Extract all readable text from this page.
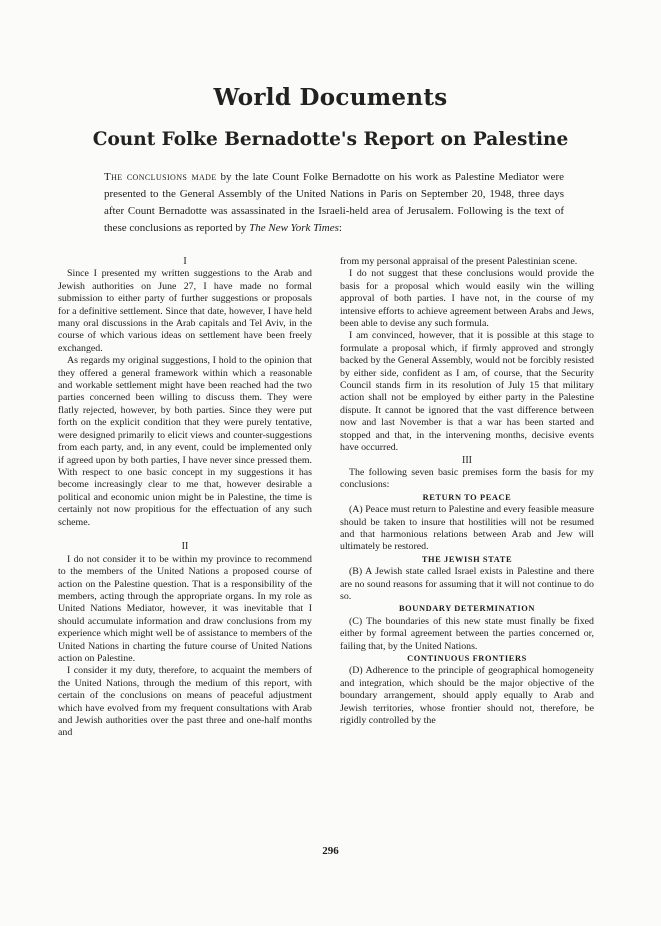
World Documents
Count Folke Bernadotte's Report on Palestine
The conclusions made by the late Count Folke Bernadotte on his work as Palestine Mediator were presented to the General Assembly of the United Nations in Paris on September 20, 1948, three days after Count Bernadotte was assassinated in the Israeli-held area of Jerusalem. Following is the text of these conclusions as reported by The New York Times:
I

Since I presented my written suggestions to the Arab and Jewish authorities on June 27, I have made no formal submission to either party of further suggestions or proposals for a definitive settlement. Since that date, however, I have held many oral discussions in the Arab capitals and Tel Aviv, in the course of which various ideas on settlement have been freely exchanged.

As regards my original suggestions, I hold to the opinion that they offered a general framework within which a reasonable and workable settlement might have been reached had the two parties concerned been willing to discuss them. They were flatly rejected, however, by both parties. Since they were put forth on the explicit condition that they were purely tentative, were designed primarily to elicit views and counter-suggestions from each party, and, in any event, could be implemented only if agreed upon by both parties, I have never since pressed them. With respect to one basic concept in my suggestions it has become increasingly clear to me that, however desirable a political and economic union might be in Palestine, the time is certainly not now propitious for the effectuation of any such scheme.

II

I do not consider it to be within my province to recommend to the members of the United Nations a proposed course of action on the Palestine question. That is a responsibility of the members, acting through the appropriate organs. In my role as United Nations Mediator, however, it was inevitable that I should accumulate information and draw conclusions from my experience which might well be of assistance to members of the United Nations in charting the future course of United Nations action on Palestine.

I consider it my duty, therefore, to acquaint the members of the United Nations, through the medium of this report, with certain of the conclusions on means of peaceful adjustment which have evolved from my frequent consultations with Arab and Jewish authorities over the past three and one-half months and

from my personal appraisal of the present Palestinian scene.

I do not suggest that these conclusions would provide the basis for a proposal which would easily win the willing approval of both parties. I have not, in the course of my intensive efforts to achieve agreement between Arabs and Jews, been able to devise any such formula.

I am convinced, however, that it is possible at this stage to formulate a proposal which, if firmly approved and strongly backed by the General Assembly, would not be forcibly resisted by either side, confident as I am, of course, that the Security Council stands firm in its resolution of July 15 that military action shall not be employed by either party in the Palestine dispute. It cannot be ignored that the vast difference between now and last November is that a war has been started and stopped and that, in the intervening months, decisive events have occurred.

III

The following seven basic premises form the basis for my conclusions:

RETURN TO PEACE

(A) Peace must return to Palestine and every feasible measure should be taken to insure that hostilities will not be resumed and that harmonious relations between Arab and Jew will ultimately be restored.

THE JEWISH STATE

(B) A Jewish state called Israel exists in Palestine and there are no sound reasons for assuming that it will not continue to do so.

BOUNDARY DETERMINATION

(C) The boundaries of this new state must finally be fixed either by formal agreement between the parties concerned or, failing that, by the United Nations.

CONTINUOUS FRONTIERS

(D) Adherence to the principle of geographical homogeneity and integration, which should be the major objective of the boundary arrangement, should apply equally to Arab and Jewish territories, whose frontier should not, therefore, be rigidly controlled by the

296
